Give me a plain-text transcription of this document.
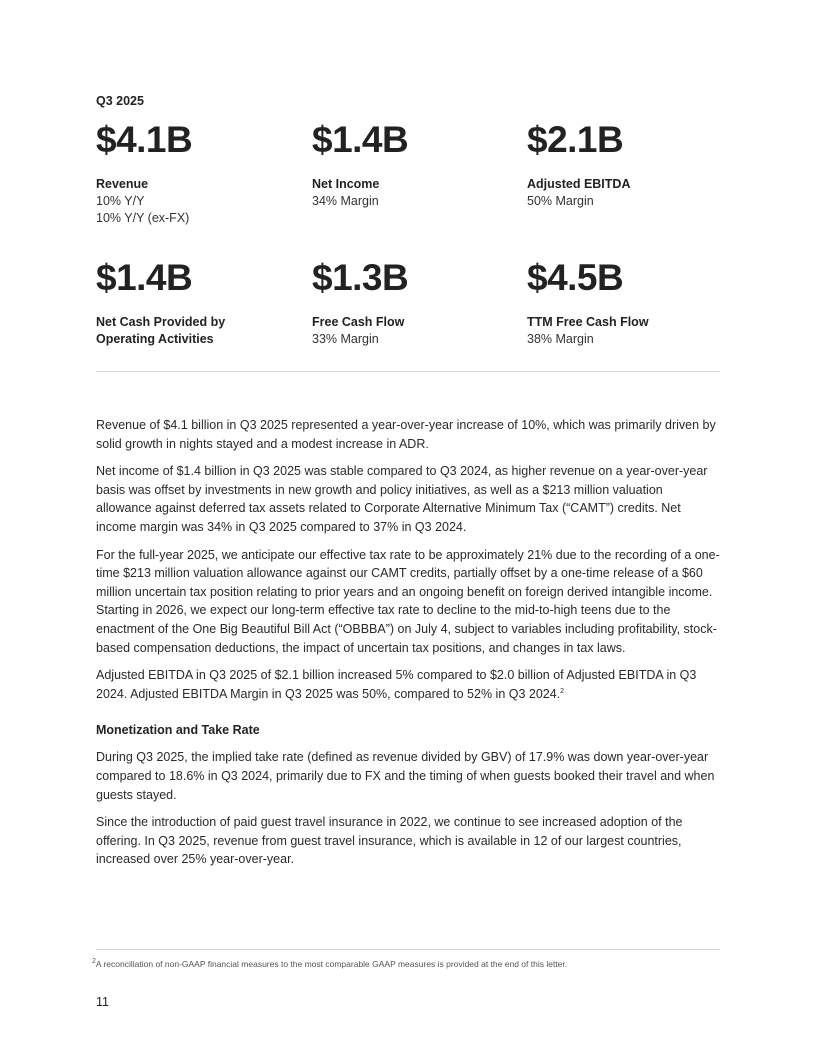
Q3 2025
$4.1B
Revenue
10% Y/Y
10% Y/Y (ex-FX)
$1.4B
Net Income
34% Margin
$2.1B
Adjusted EBITDA
50% Margin
$1.4B
Net Cash Provided by Operating Activities
$1.3B
Free Cash Flow
33% Margin
$4.5B
TTM Free Cash Flow
38% Margin

Revenue of $4.1 billion in Q3 2025 represented a year-over-year increase of 10%, which was primarily driven by solid growth in nights stayed and a modest increase in ADR.

Net income of $1.4 billion in Q3 2025 was stable compared to Q3 2024, as higher revenue on a year-over-year basis was offset by investments in new growth and policy initiatives, as well as a $213 million valuation allowance against deferred tax assets related to Corporate Alternative Minimum Tax (“CAMT”) credits. Net income margin was 34% in Q3 2025 compared to 37% in Q3 2024.

For the full-year 2025, we anticipate our effective tax rate to be approximately 21% due to the recording of a one-time $213 million valuation allowance against our CAMT credits, partially offset by a one-time release of a $60 million uncertain tax position relating to prior years and an ongoing benefit on foreign derived intangible income. Starting in 2026, we expect our long-term effective tax rate to decline to the mid-to-high teens due to the enactment of the One Big Beautiful Bill Act (“OBBBA”) on July 4, subject to variables including profitability, stock-based compensation deductions, the impact of uncertain tax positions, and changes in tax laws.

Adjusted EBITDA in Q3 2025 of $2.1 billion increased 5% compared to $2.0 billion of Adjusted EBITDA in Q3 2024. Adjusted EBITDA Margin in Q3 2025 was 50%, compared to 52% in Q3 2024.$^2$

Monetization and Take Rate

During Q3 2025, the implied take rate (defined as revenue divided by GBV) of 17.9% was down year-over-year compared to 18.6% in Q3 2024, primarily due to FX and the timing of when guests booked their travel and when guests stayed.

Since the introduction of paid guest travel insurance in 2022, we continue to see increased adoption of the offering. In Q3 2025, revenue from guest travel insurance, which is available in 12 of our largest countries, increased over 25% year-over-year.

$^2$A reconciliation of non-GAAP financial measures to the most comparable GAAP measures is provided at the end of this letter.
11
